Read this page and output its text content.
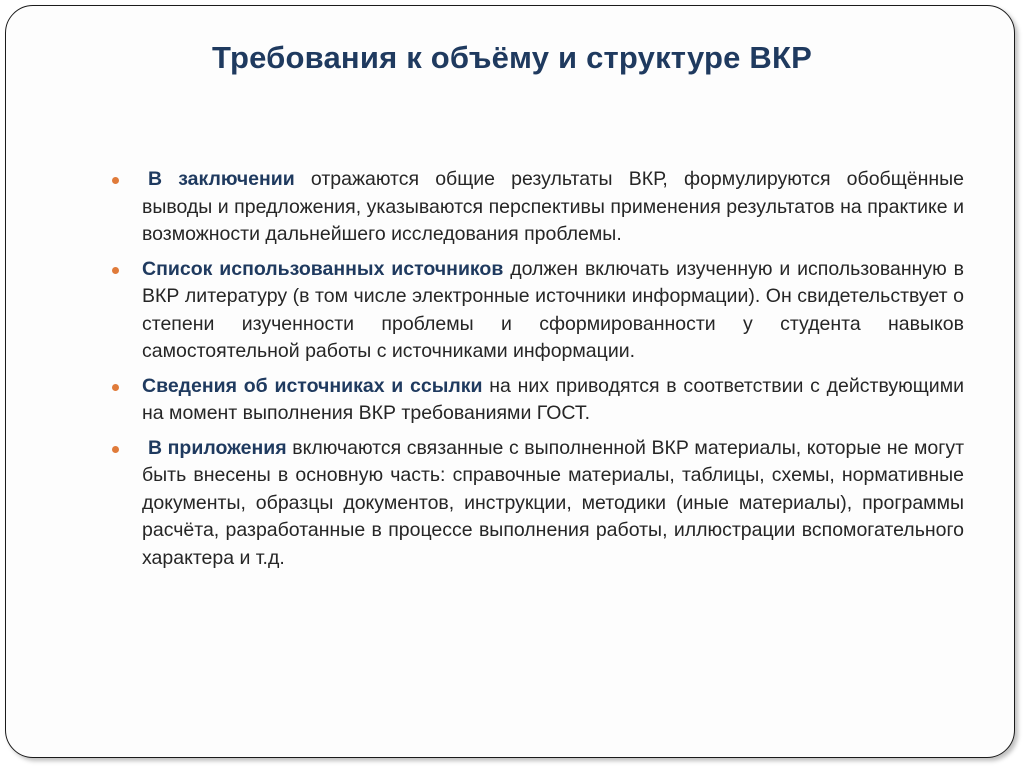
Требования к объёму и структуре ВКР
В заключении отражаются общие результаты ВКР, формулируются обобщённые выводы и предложения, указываются перспективы применения результатов на практике и возможности дальнейшего исследования проблемы.
Список использованных источников должен включать изученную и использованную в ВКР литературу (в том числе электронные источники информации). Он свидетельствует о степени изученности проблемы и сформированности у студента навыков самостоятельной работы с источниками информации.
Сведения об источниках и ссылки на них приводятся в соответствии с действующими на момент выполнения ВКР требованиями ГОСТ.
В приложения включаются связанные с выполненной ВКР материалы, которые не могут быть внесены в основную часть: справочные материалы, таблицы, схемы, нормативные документы, образцы документов, инструкции, методики (иные материалы), программы расчёта, разработанные в процессе выполнения работы, иллюстрации вспомогательного характера и т.д.
